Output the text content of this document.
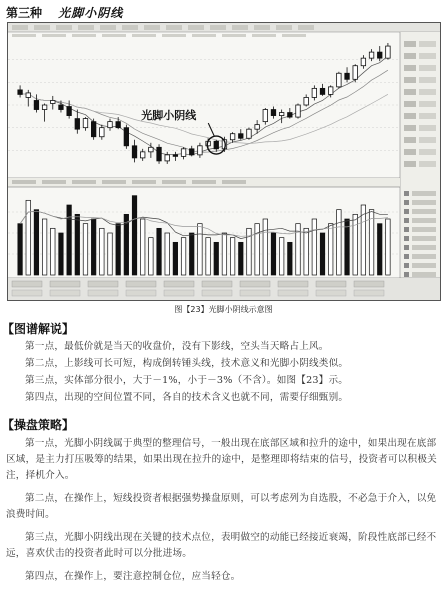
第三种 光脚小阴线
光脚小阴线
图【23】光脚小阴线示意图
【图谱解说】
第一点，最低价就是当天的收盘价，没有下影线，空头当天略占上风。
第二点，上影线可长可短，构成倒转锤头线，技术意义和光脚小阴线类似。
第三点，实体部分很小，大于－1%，小于－3%（不含）。如图【23】示。
第四点，出现的空间位置不同，各自的技术含义也就不同，需要仔细甄别。
【操盘策略】
第一点，光脚小阴线属于典型的整理信号，一般出现在底部区域和拉升的途中，如果出现在底部区域，是主力打压吸筹的结果，如果出现在拉升的途中，是整理即将结束的信号，投资者可以积极关注，择机介入。
第二点，在操作上，短线投资者根据强势操盘原则，可以考虑列为自选股，不必急于介入，以免浪费时间。
第三点，光脚小阴线出现在关键的技术点位，表明做空的动能已经接近衰竭，阶段性底部已经不远，喜欢伏击的投资者此时可以分批进场。
第四点，在操作上，要注意控制仓位，应当轻仓。
